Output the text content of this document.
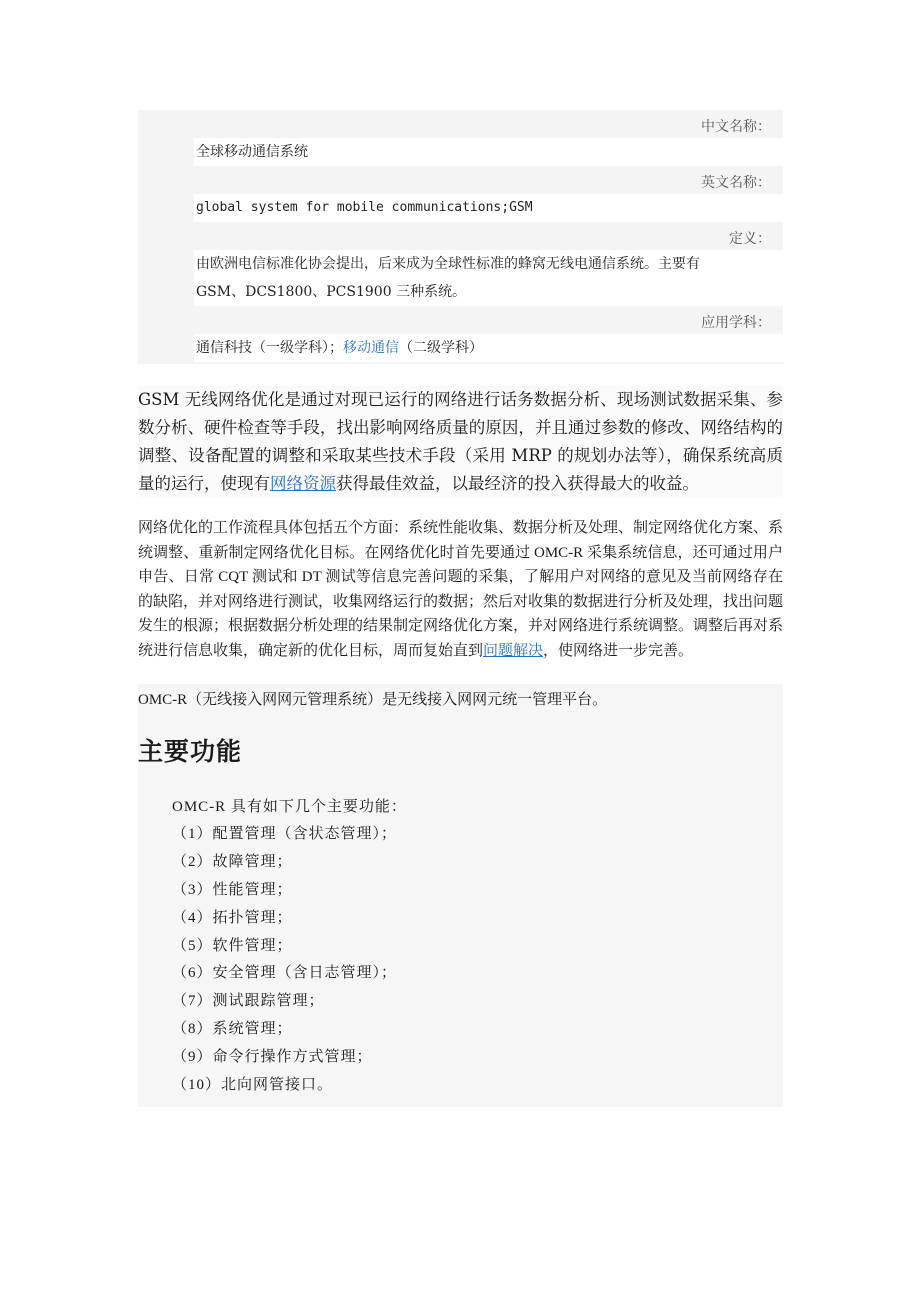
中文名称：
全球移动通信系统
英文名称：
global system for mobile communications;GSM
定义：
由欧洲电信标准化协会提出，后来成为全球性标准的蜂窝无线电通信系统。主要有
GSM、DCS1800、PCS1900 三种系统。
应用学科：
通信科技（一级学科）；移动通信（二级学科）
GSM 无线网络优化是通过对现已运行的网络进行话务数据分析、现场测试数据采集、参数分析、硬件检查等手段，找出影响网络质量的原因，并且通过参数的修改、网络结构的调整、设备配置的调整和采取某些技术手段（采用 MRP 的规划办法等），确保系统高质量的运行，使现有网络资源获得最佳效益，以最经济的投入获得最大的收益。
网络优化的工作流程具体包括五个方面：系统性能收集、数据分析及处理、制定网络优化方案、系统调整、重新制定网络优化目标。在网络优化时首先要通过 OMC-R 采集系统信息，还可通过用户申告、日常 CQT 测试和 DT 测试等信息完善问题的采集，了解用户对网络的意见及当前网络存在的缺陷，并对网络进行测试，收集网络运行的数据；然后对收集的数据进行分析及处理，找出问题发生的根源；根据数据分析处理的结果制定网络优化方案，并对网络进行系统调整。调整后再对系统进行信息收集，确定新的优化目标，周而复始直到问题解决，使网络进一步完善。
OMC-R（无线接入网网元管理系统）是无线接入网网元统一管理平台。
主要功能
OMC-R 具有如下几个主要功能：
（1）配置管理（含状态管理）；
（2）故障管理；
（3）性能管理；
（4）拓扑管理；
（5）软件管理；
（6）安全管理（含日志管理）；
（7）测试跟踪管理；
（8）系统管理；
（9）命令行操作方式管理；
（10）北向网管接口。
